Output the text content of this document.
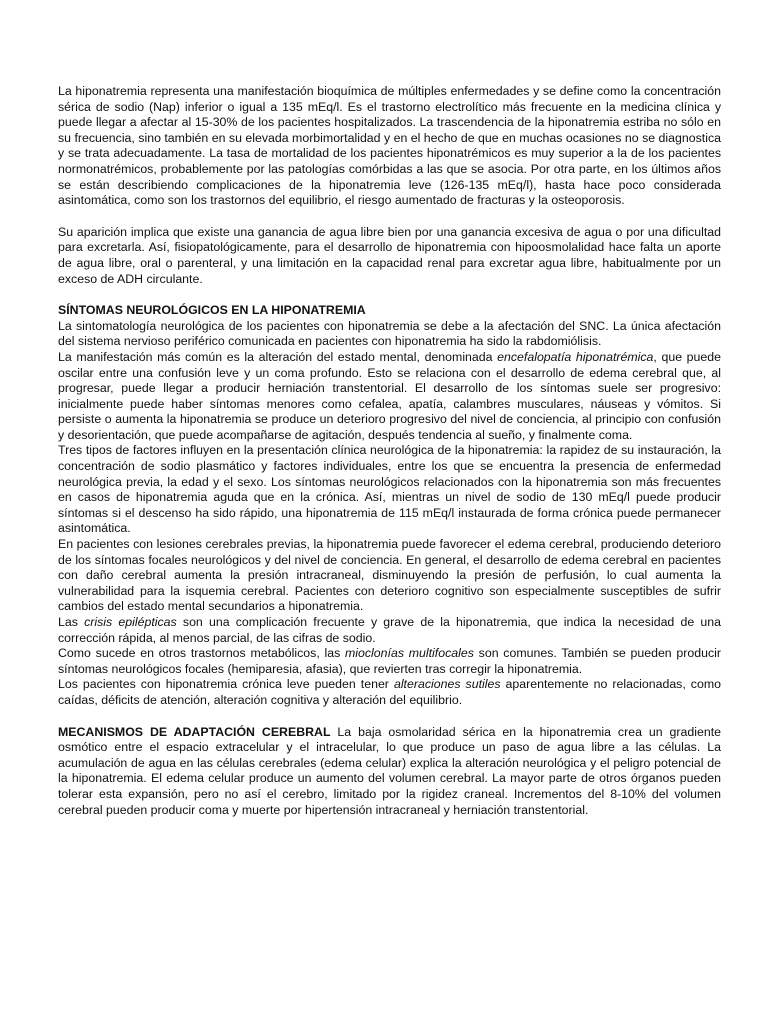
La hiponatremia representa una manifestación bioquímica de múltiples enfermedades y se define como la concentración sérica de sodio (Nap) inferior o igual a 135 mEq/l. Es el trastorno electrolítico más frecuente en la medicina clínica y puede llegar a afectar al 15-30% de los pacientes hospitalizados. La trascendencia de la hiponatremia estriba no sólo en su frecuencia, sino también en su elevada morbimortalidad y en el hecho de que en muchas ocasiones no se diagnostica y se trata adecuadamente. La tasa de mortalidad de los pacientes hiponatrémicos es muy superior a la de los pacientes normonatrémicos, probablemente por las patologías comórbidas a las que se asocia. Por otra parte, en los últimos años se están describiendo complicaciones de la hiponatremia leve (126-135 mEq/l), hasta hace poco considerada asintomática, como son los trastornos del equilibrio, el riesgo aumentado de fracturas y la osteoporosis.

Su aparición implica que existe una ganancia de agua libre bien por una ganancia excesiva de agua o por una dificultad para excretarla. Así, fisiopatológicamente, para el desarrollo de hiponatremia con hipoosmolalidad hace falta un aporte de agua libre, oral o parenteral, y una limitación en la capacidad renal para excretar agua libre, habitualmente por un exceso de ADH circulante.

SÍNTOMAS NEUROLÓGICOS EN LA HIPONATREMIA

La sintomatología neurológica de los pacientes con hiponatremia se debe a la afectación del SNC. La única afectación del sistema nervioso periférico comunicada en pacientes con hiponatremia ha sido la rabdomiólisis.

La manifestación más común es la alteración del estado mental, denominada encefalopatía hiponatrémica, que puede oscilar entre una confusión leve y un coma profundo. Esto se relaciona con el desarrollo de edema cerebral que, al progresar, puede llegar a producir herniación transtentorial. El desarrollo de los síntomas suele ser progresivo: inicialmente puede haber síntomas menores como cefalea, apatía, calambres musculares, náuseas y vómitos. Si persiste o aumenta la hiponatremia se produce un deterioro progresivo del nivel de conciencia, al principio con confusión y desorientación, que puede acompañarse de agitación, después tendencia al sueño, y finalmente coma.

Tres tipos de factores influyen en la presentación clínica neurológica de la hiponatremia: la rapidez de su instauración, la concentración de sodio plasmático y factores individuales, entre los que se encuentra la presencia de enfermedad neurológica previa, la edad y el sexo. Los síntomas neurológicos relacionados con la hiponatremia son más frecuentes en casos de hiponatremia aguda que en la crónica. Así, mientras un nivel de sodio de 130 mEq/l puede producir síntomas si el descenso ha sido rápido, una hiponatremia de 115 mEq/l instaurada de forma crónica puede permanecer asintomática.

En pacientes con lesiones cerebrales previas, la hiponatremia puede favorecer el edema cerebral, produciendo deterioro de los síntomas focales neurológicos y del nivel de conciencia. En general, el desarrollo de edema cerebral en pacientes con daño cerebral aumenta la presión intracraneal, disminuyendo la presión de perfusión, lo cual aumenta la vulnerabilidad para la isquemia cerebral. Pacientes con deterioro cognitivo son especialmente susceptibles de sufrir cambios del estado mental secundarios a hiponatremia.

Las crisis epilépticas son una complicación frecuente y grave de la hiponatremia, que indica la necesidad de una corrección rápida, al menos parcial, de las cifras de sodio.

Como sucede en otros trastornos metabólicos, las mioclonías multifocales son comunes. También se pueden producir síntomas neurológicos focales (hemiparesia, afasia), que revierten tras corregir la hiponatremia.

Los pacientes con hiponatremia crónica leve pueden tener alteraciones sutiles aparentemente no relacionadas, como caídas, déficits de atención, alteración cognitiva y alteración del equilibrio.

MECANISMOS DE ADAPTACIÓN CEREBRAL La baja osmolaridad sérica en la hiponatremia crea un gradiente osmótico entre el espacio extracelular y el intracelular, lo que produce un paso de agua libre a las células. La acumulación de agua en las células cerebrales (edema celular) explica la alteración neurológica y el peligro potencial de la hiponatremia. El edema celular produce un aumento del volumen cerebral. La mayor parte de otros órganos pueden tolerar esta expansión, pero no así el cerebro, limitado por la rigidez craneal. Incrementos del 8-10% del volumen cerebral pueden producir coma y muerte por hipertensión intracraneal y herniación transtentorial.
